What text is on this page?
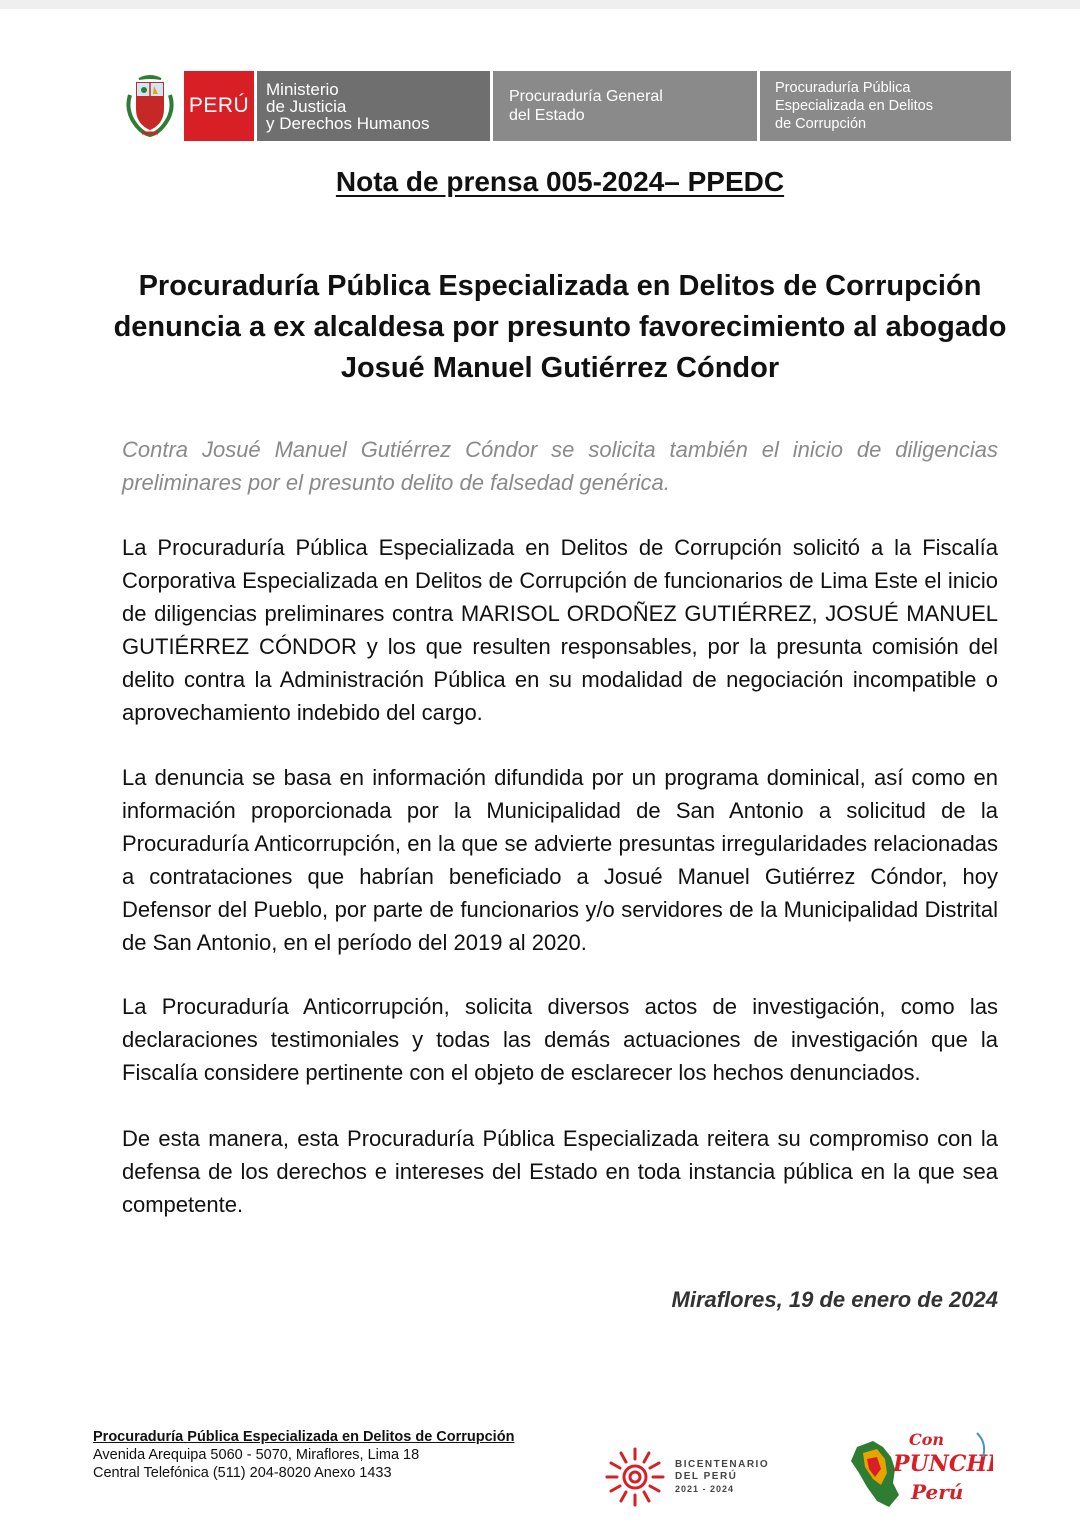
PERÚ
Ministerio
de Justicia
y Derechos Humanos
Procuraduría General
del Estado
Procuraduría Pública
Especializada en Delitos
de Corrupción
Nota de prensa 005-2024– PPEDC
Procuraduría Pública Especializada en Delitos de Corrupción denuncia a ex alcaldesa por presunto favorecimiento al abogado Josué Manuel Gutiérrez Cóndor
Contra Josué Manuel Gutiérrez Cóndor se solicita también el inicio de diligencias preliminares por el presunto delito de falsedad genérica.
La Procuraduría Pública Especializada en Delitos de Corrupción solicitó a la Fiscalía Corporativa Especializada en Delitos de Corrupción de funcionarios de Lima Este el inicio de diligencias preliminares contra MARISOL ORDOÑEZ GUTIÉRREZ, JOSUÉ MANUEL GUTIÉRREZ CÓNDOR y los que resulten responsables, por la presunta comisión del delito contra la Administración Pública en su modalidad de negociación incompatible o aprovechamiento indebido del cargo.
La denuncia se basa en información difundida por un programa dominical, así como en información proporcionada por la Municipalidad de San Antonio a solicitud de la Procuraduría Anticorrupción, en la que se advierte presuntas irregularidades relacionadas a contrataciones que habrían beneficiado a Josué Manuel Gutiérrez Cóndor, hoy Defensor del Pueblo, por parte de funcionarios y/o servidores de la Municipalidad Distrital de San Antonio, en el período del 2019 al 2020.
La Procuraduría Anticorrupción, solicita diversos actos de investigación, como las declaraciones testimoniales y todas las demás actuaciones de investigación que la Fiscalía considere pertinente con el objeto de esclarecer los hechos denunciados.
De esta manera, esta Procuraduría Pública Especializada reitera su compromiso con la defensa de los derechos e intereses del Estado en toda instancia pública en la que sea competente.
Miraflores, 19 de enero de 2024
Procuraduría Pública Especializada en Delitos de Corrupción
Avenida Arequipa 5060 - 5070, Miraflores, Lima 18
Central Telefónica (511) 204-8020 Anexo 1433
BICENTENARIO
DEL PERÚ
2021 - 2024
Con
PUNCHE
Perú
